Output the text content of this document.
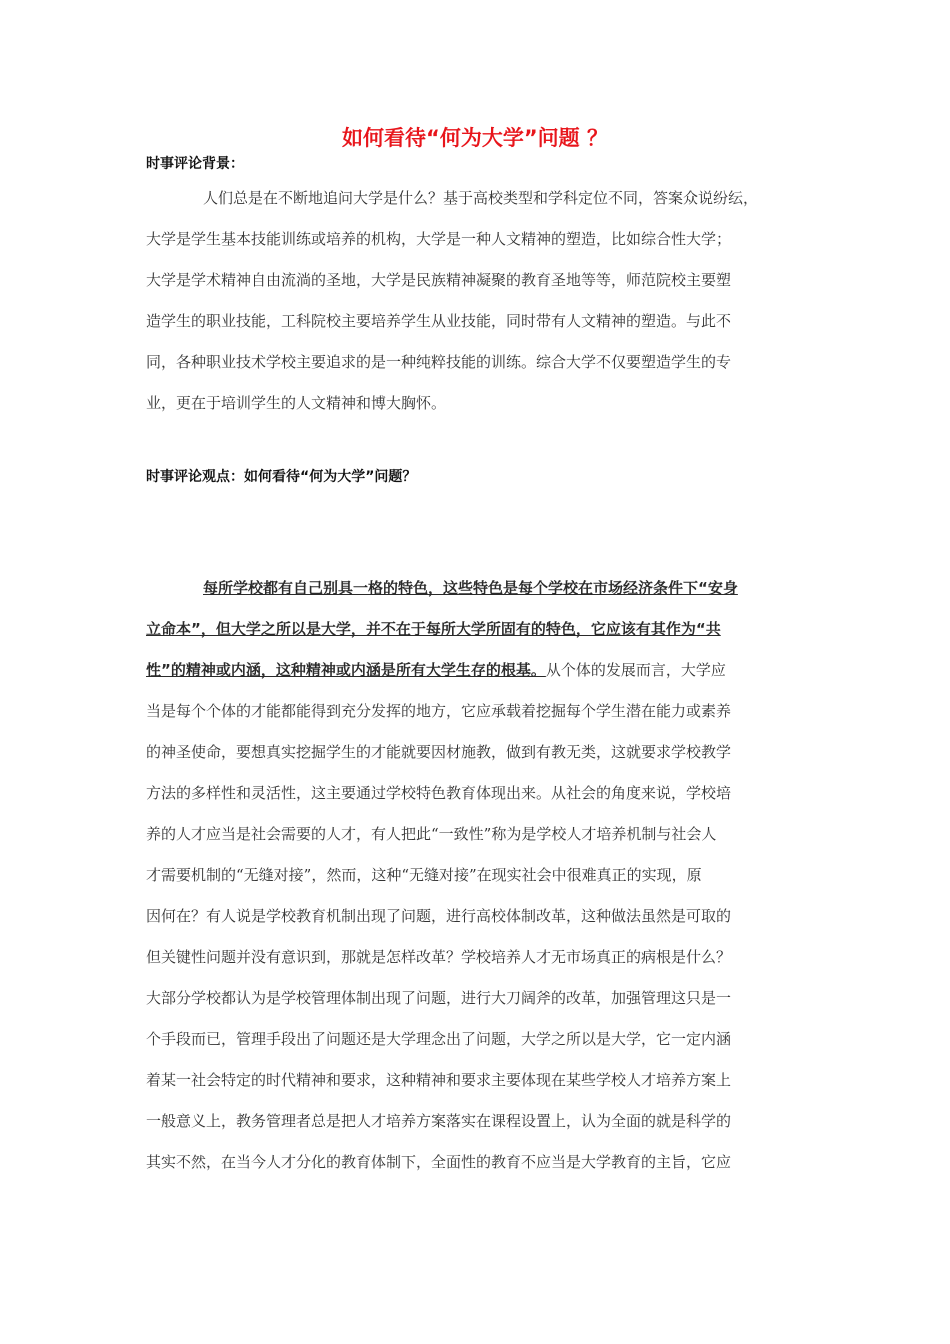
如何看待“何为大学”问题 ？
时事评论背景：
人们总是在不断地追问大学是什么？基于高校类型和学科定位不同，答案众说纷纭，
大学是学生基本技能训练或培养的机构，大学是一种人文精神的塑造，比如综合性大学；
大学是学术精神自由流淌的圣地，大学是民族精神凝聚的教育圣地等等，师范院校主要塑
造学生的职业技能，工科院校主要培养学生从业技能，同时带有人文精神的塑造。与此不
同，各种职业技术学校主要追求的是一种纯粹技能的训练。综合大学不仅要塑造学生的专
业，更在于培训学生的人文精神和博大胸怀。
时事评论观点：如何看待“何为大学”问题？
每所学校都有自己别具一格的特色，这些特色是每个学校在市场经济条件下“安身
立命本”，但大学之所以是大学，并不在于每所大学所固有的特色，它应该有其作为“共
性”的精神或内涵，这种精神或内涵是所有大学生存的根基。从个体的发展而言，大学应
当是每个个体的才能都能得到充分发挥的地方，它应承载着挖掘每个学生潜在能力或素养
的神圣使命，要想真实挖掘学生的才能就要因材施教，做到有教无类，这就要求学校教学
方法的多样性和灵活性，这主要通过学校特色教育体现出来。从社会的角度来说，学校培
养的人才应当是社会需要的人才，有人把此“一致性”称为是学校人才培养机制与社会人
才需要机制的“无缝对接”，然而，这种“无缝对接”在现实社会中很难真正的实现，原
因何在？有人说是学校教育机制出现了问题，进行高校体制改革，这种做法虽然是可取的
但关键性问题并没有意识到，那就是怎样改革？学校培养人才无市场真正的病根是什么？
大部分学校都认为是学校管理体制出现了问题，进行大刀阔斧的改革，加强管理这只是一
个手段而已，管理手段出了问题还是大学理念出了问题，大学之所以是大学，它一定内涵
着某一社会特定的时代精神和要求，这种精神和要求主要体现在某些学校人才培养方案上
一般意义上，教务管理者总是把人才培养方案落实在课程设置上，认为全面的就是科学的
其实不然，在当今人才分化的教育体制下，全面性的教育不应当是大学教育的主旨，它应
